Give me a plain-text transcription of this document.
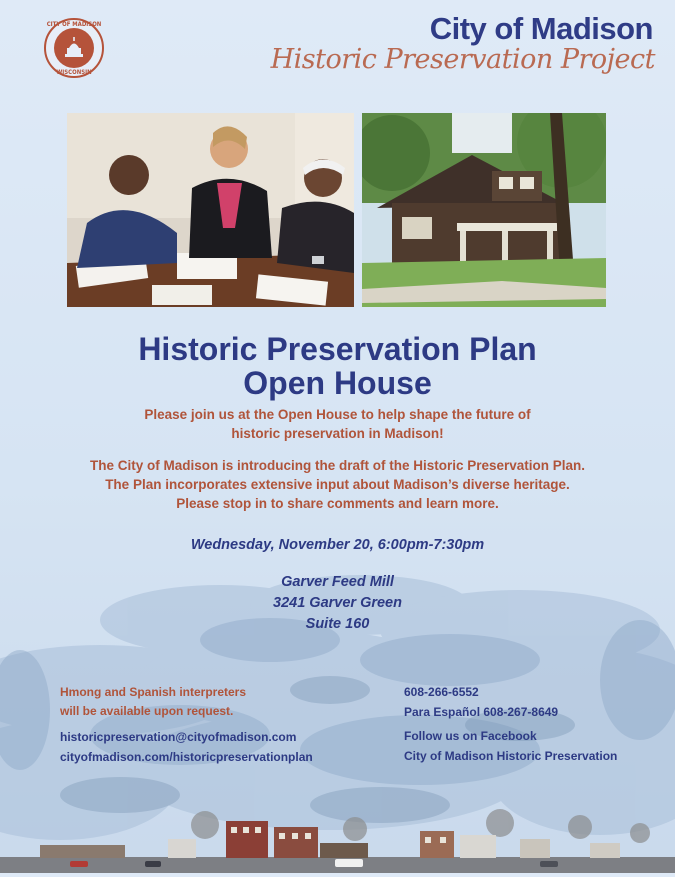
CITY OF MADISON
WISCONSIN
City of Madison
Historic Preservation Project
Historic Preservation Plan
Open House
Please join us at the Open House to help shape the future of
historic preservation in Madison!
The City of Madison is introducing the draft of the Historic Preservation Plan.
The Plan incorporates extensive input about Madison’s diverse heritage.
Please stop in to share comments and learn more.
Wednesday, November 20, 6:00pm-7:30pm
Garver Feed Mill
3241 Garver Green
Suite 160
Hmong and Spanish interpreters
will be available upon request.
historicpreservation@cityofmadison.com
cityofmadison.com/historicpreservationplan
608-266-6552
Para Español 608-267-8649
Follow us on Facebook
City of Madison Historic Preservation
